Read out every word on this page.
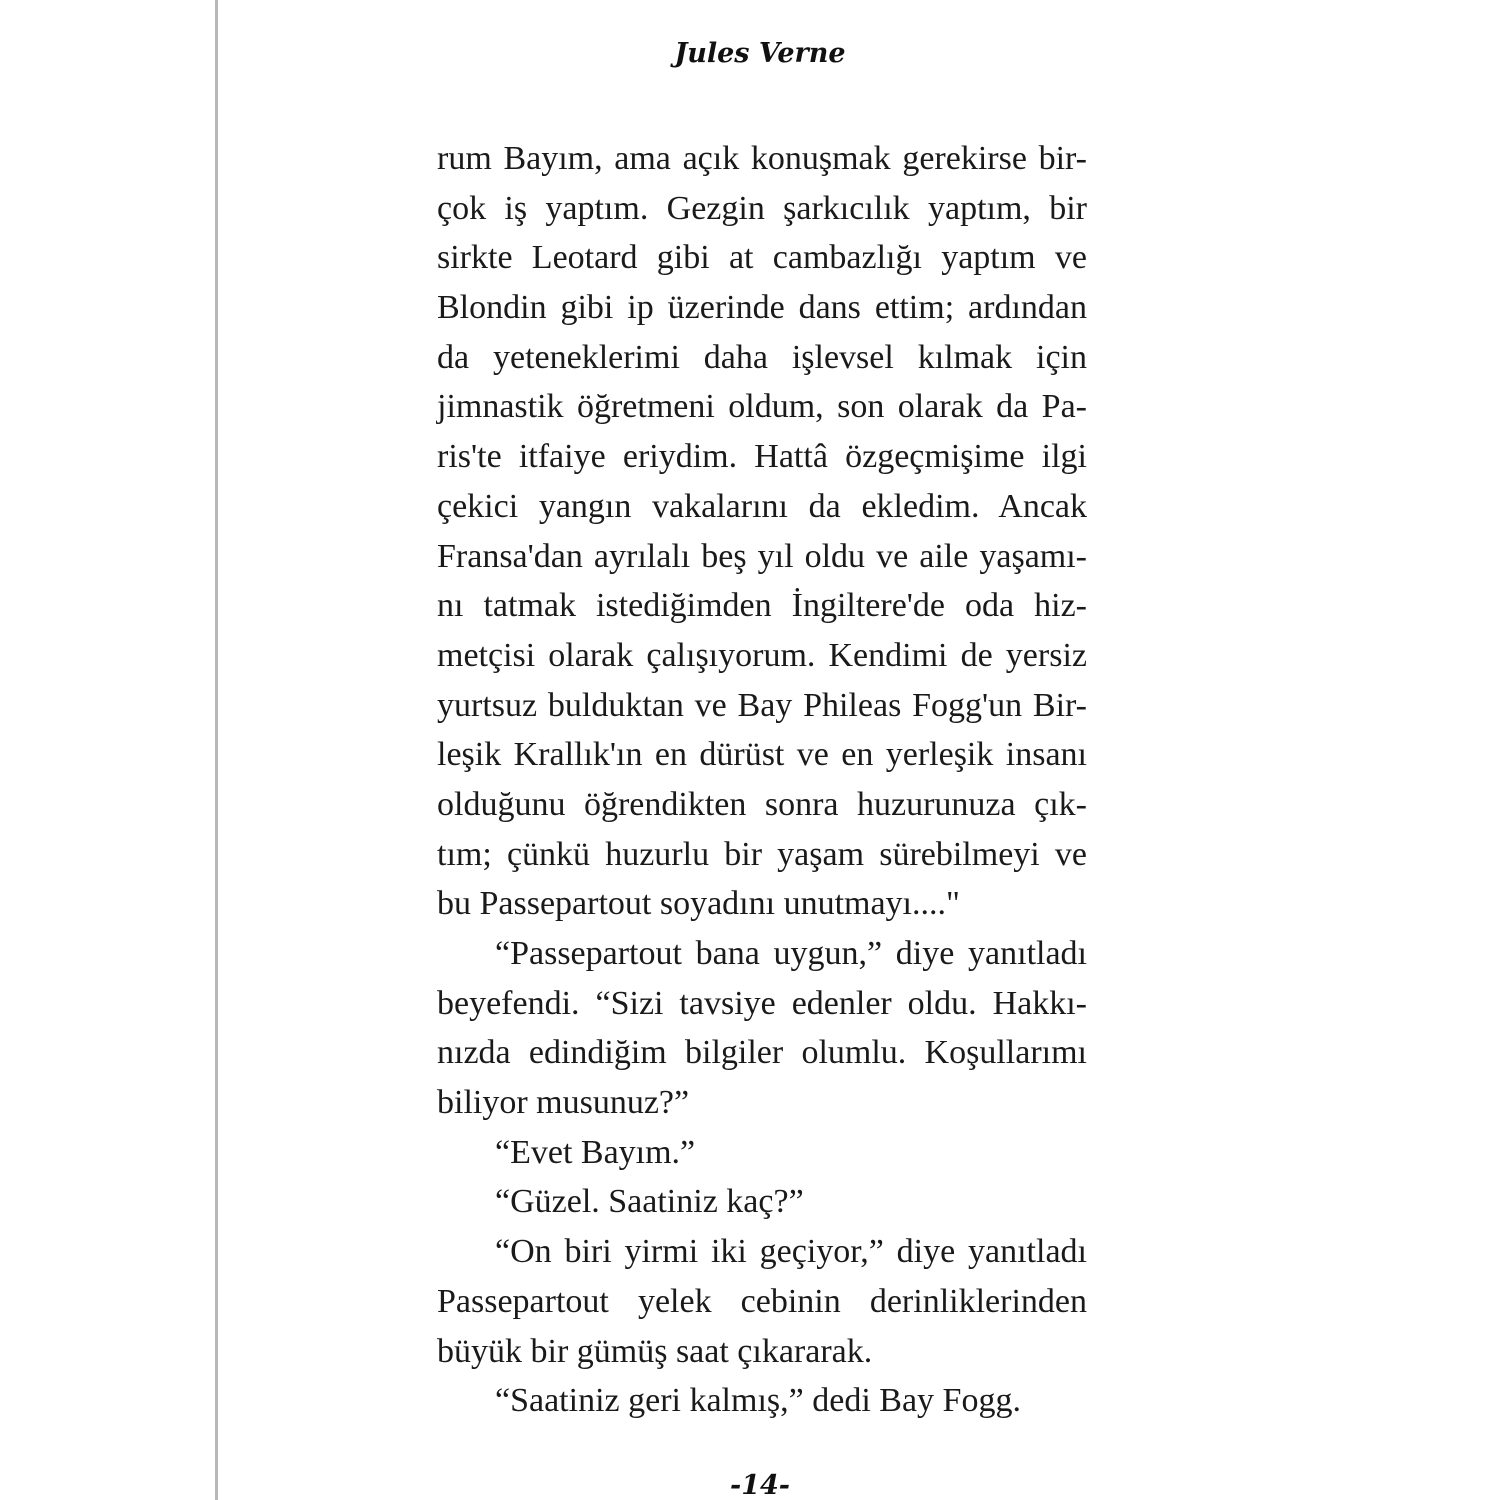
Jules Verne
rum Bayım, ama açık konuşmak gerekirse bir-
çok iş yaptım. Gezgin şarkıcılık yaptım, bir
sirkte Leotard gibi at cambazlığı yaptım ve
Blondin gibi ip üzerinde dans ettim; ardından
da yeteneklerimi daha işlevsel kılmak için
jimnastik öğretmeni oldum, son olarak da Pa-
ris'te itfaiye eriydim. Hattâ özgeçmişime ilgi
çekici yangın vakalarını da ekledim. Ancak
Fransa'dan ayrılalı beş yıl oldu ve aile yaşamı-
nı tatmak istediğimden İngiltere'de oda hiz-
metçisi olarak çalışıyorum. Kendimi de yersiz
yurtsuz bulduktan ve Bay Phileas Fogg'un Bir-
leşik Krallık'ın en dürüst ve en yerleşik insanı
olduğunu öğrendikten sonra huzurunuza çık-
tım; çünkü huzurlu bir yaşam sürebilmeyi ve
bu Passepartout soyadını unutmayı...."
“Passepartout bana uygun,” diye yanıtladı
beyefendi. “Sizi tavsiye edenler oldu. Hakkı-
nızda edindiğim bilgiler olumlu. Koşullarımı
biliyor musunuz?”
“Evet Bayım.”
“Güzel. Saatiniz kaç?”
“On biri yirmi iki geçiyor,” diye yanıtladı
Passepartout yelek cebinin derinliklerinden
büyük bir gümüş saat çıkararak.
“Saatiniz geri kalmış,” dedi Bay Fogg.
-14-
